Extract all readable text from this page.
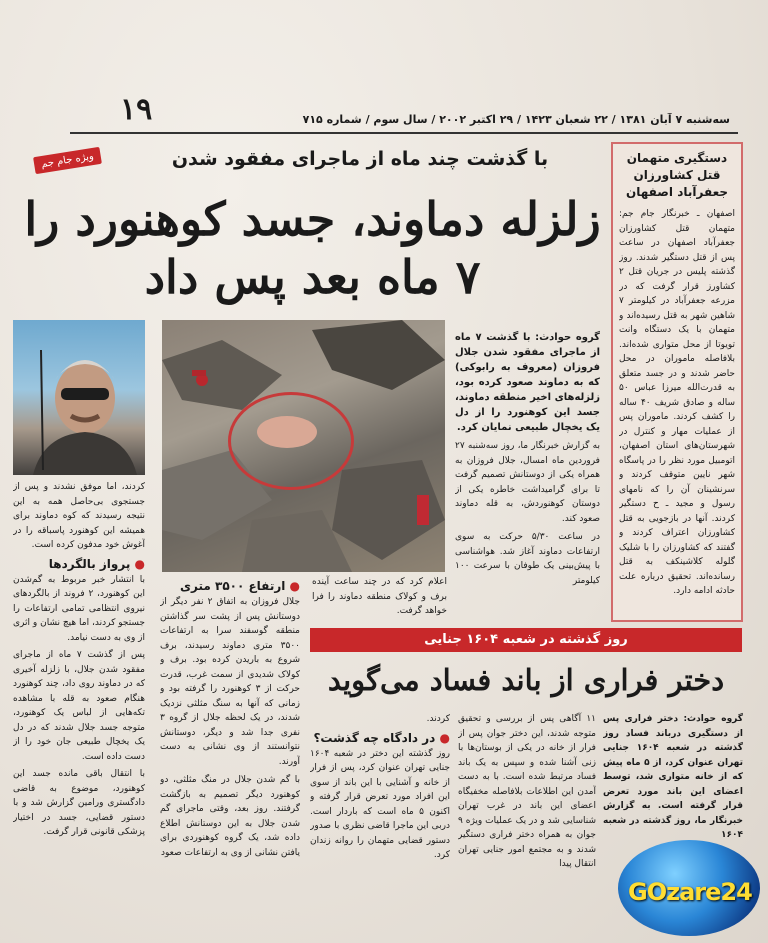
۱۹	سه‌شنبه ۷ آبان ۱۳۸۱ / ۲۲ شعبان ۱۴۲۳ / ۲۹ اکتبر ۲۰۰۲ / سال سوم / شماره ۷۱۵
ویژه جام جم	با گذشت چند ماه از ماجرای مفقود شدن
زلزله دماوند، جسد کوهنورد را
۷ ماه بعد پس داد
دستگیری متهمان
قتل کشاورزان
جعفرآباد اصفهان
اصفهان ـ خبرنگار جام جم: متهمان قتل کشاورزان جعفرآباد اصفهان در ساعت پس از قتل دستگیر شدند. روز گذشته پلیس در جریان قتل ۲ کشاورز قرار گرفت که در مزرعه جعفرآباد در کیلومتر ۷ شاهین شهر به قتل رسیده‌اند و متهمان با یک دستگاه وانت تویوتا از محل متواری شده‌اند. بلافاصله ماموران در محل حاضر شدند و در جسد متعلق به قدرت‌الله میرزا عباس ۵۰ ساله و صادق شریف ۴۰ ساله را کشف کردند. ماموران پس از عملیات مهار و کنترل در شهرستان‌های استان اصفهان، اتومبیل مورد نظر را در پاسگاه شهر نایین متوقف کردند و سرنشینان آن را که نامهای رسول و مجید ـ ح دستگیر کردند. آنها در بازجویی به قتل کشاورزان اعتراف کردند و گفتند که کشاورزان را با شلیک گلوله کلاشینکف به قتل رسانده‌اند. تحقیق درباره علت حادثه ادامه دارد.
گروه حوادث: با گذشت ۷ ماه از ماجرای مفقود شدن جلال فروزان (معروف به رابوکی) که به دماوند صعود کرده بود، زلزله‌های اخیر منطقه دماوند، جسد این کوهنورد را از دل یک یخچال طبیعی نمایان کرد.
به گزارش خبرنگار ما، روز سه‌شنبه ۲۷ فروردین ماه امسال، جلال فروزان به همراه یکی از دوستانش تصمیم گرفت تا برای گرامیداشت خاطره یکی از دوستان کوهنوردش، به قله دماوند صعود کند.
در ساعت ۵/۳۰ حرکت به سوی ارتفاعات دماوند آغاز شد. هواشناسی با پیش‌بینی یک طوفان با سرعت ۱۰۰ کیلومتر
اعلام کرد که در چند ساعت آینده برف و کولاک منطقه دماوند را فرا خواهد گرفت.
کردند، اما موفق نشدند و پس از جستجوی بی‌حاصل همه به این نتیجه رسیدند که کوه دماوند برای همیشه این کوهنورد پاسباقه را در آغوش خود مدفون کرده است.
● پرواز بالگردها
با انتشار خبر مربوط به گم‌شدن این کوهنورد، ۲ فروند از بالگردهای نیروی انتظامی تمامی ارتفاعات را جستجو کردند، اما هیچ نشان و اثری از وی به دست نیامد.
پس از گذشت ۷ ماه از ماجرای مفقود شدن جلال، با زلزله آخیری که در دماوند روی داد، چند کوهنورد هنگام صعود به قله با مشاهده تکه‌هایی از لباس یک کوهنورد، متوجه جسد جلال شدند که در دل یک یخچال طبیعی جان خود را از دست داده است.
با انتقال باقی مانده جسد این کوهنورد، موضوع به قاضی دادگستری ورامین گزارش شد و با دستور قضایی، جسد در اختیار پزشکی قانونی قرار گرفت.
● ارتفاع ۳۵۰۰ متری
جلال فروزان به اتفاق ۲ نفر دیگر از دوستانش پس از پشت سر گذاشتن منطقه گوسفند سرا به ارتفاعات ۳۵۰۰ متری دماوند رسیدند، برف شروع به باریدن کرده بود. برف و کولاک شدیدی از سمت غرب، قدرت حرکت از ۳ کوهنورد را گرفته بود و زمانی که آنها به سنگ مثلثی نزدیک شدند، در یک لحظه جلال از گروه ۳ نفری جدا شد و دیگر، دوستانش نتوانستند از وی نشانی به دست آورند.
با گم شدن جلال در منگ مثلثی، دو کوهنورد دیگر تصمیم به بازگشت گرفتند. روز بعد، وقتی ماجرای گم شدن جلال به این دوستانش اطلاع داده شد، یک گروه کوهنوردی برای یافتن نشانی از وی به ارتفاعات صعود
روز گذشته در شعبه ۱۶۰۴ جنایی
دختر فراری از باند فساد می‌گوید
گروه حوادث: دختر فراری پس از دستگیری درباند فساد روز گذشته در شعبه ۱۶۰۴ جنایی تهران عنوان کرد، از ۵ ماه پیش که از خانه متواری شد، توسط اعضای این باند مورد تعرض قرار گرفته است. به گزارش خبرنگار ما، روز گذشته در شعبه ۱۶۰۴
۱۱ آگاهی پس از بررسی و تحقیق متوجه شدند، این دختر جوان پس از فرار از خانه در یکی از بوستان‌ها با زنی آشنا شده و سپس به یک باند فساد مرتبط شده است. با به دست آمدن این اطلاعات بلافاصله مخفیگاه اعضای این باند در غرب تهران شناسایی شد و در یک عملیات ویژه ۹ جوان به همراه دختر فراری دستگیر شدند و به مجتمع امور جنایی تهران انتقال پیدا
کردند.
● در دادگاه چه گذشت؟
روز گذشته این دختر در شعبه ۱۶۰۴ جنایی تهران عنوان کرد، پس از فرار از خانه و آشنایی با این باند از سوی این افراد مورد تعرض قرار گرفته و اکنون ۵ ماه است که باردار است. دربی این ماجرا قاضی نظری با صدور دستور قضایی متهمان را روانه زندان کرد.
GOzare24
